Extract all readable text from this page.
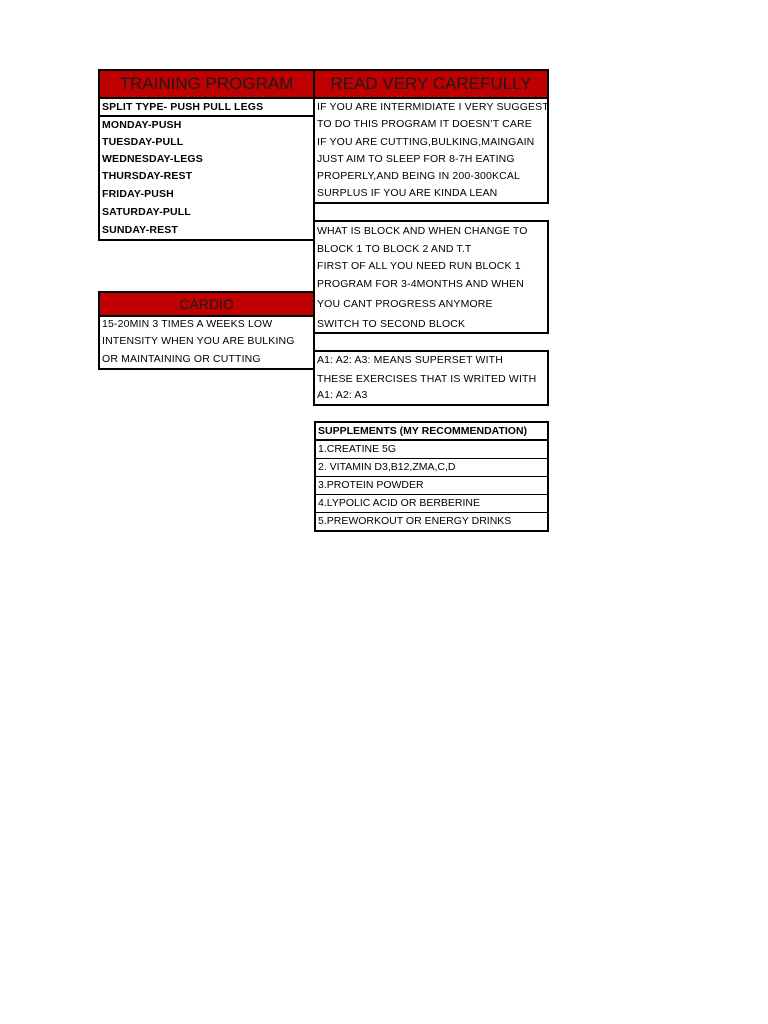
TRAINING PROGRAM READ VERY CAREFULLY
SPLIT TYPE- PUSH PULL LEGS
MONDAY-PUSH
TUESDAY-PULL
WEDNESDAY-LEGS
THURSDAY-REST
FRIDAY-PUSH
SATURDAY-PULL
SUNDAY-REST
IF YOU ARE INTERMIDIATE I VERY SUGGEST
TO DO THIS PROGRAM IT DOESN’T CARE
IF YOU ARE CUTTING,BULKING,MAINGAIN
JUST AIM TO SLEEP FOR 8-7H EATING
PROPERLY,AND BEING IN 200-300KCAL
SURPLUS IF YOU ARE KINDA LEAN
WHAT IS BLOCK AND WHEN CHANGE TO
BLOCK 1 TO BLOCK 2 AND T.T
FIRST OF ALL YOU NEED RUN BLOCK 1
PROGRAM FOR 3-4MONTHS AND WHEN
YOU CANT PROGRESS ANYMORE
SWITCH TO SECOND BLOCK
CARDIO
15-20MIN 3 TIMES A WEEKS LOW
INTENSITY WHEN YOU ARE BULKING
OR MAINTAINING OR CUTTING	A1: A2: A3: MEANS SUPERSET WITH
THESE EXERCISES THAT IS WRITED WITH
A1: A2: A3
SUPPLEMENTS (MY RECOMMENDATION)
1.CREATINE 5G
2. VITAMIN D3,B12,ZMA,C,D
3.PROTEIN POWDER
4.LYPOLIC ACID OR BERBERINE
5.PREWORKOUT OR ENERGY DRINKS
